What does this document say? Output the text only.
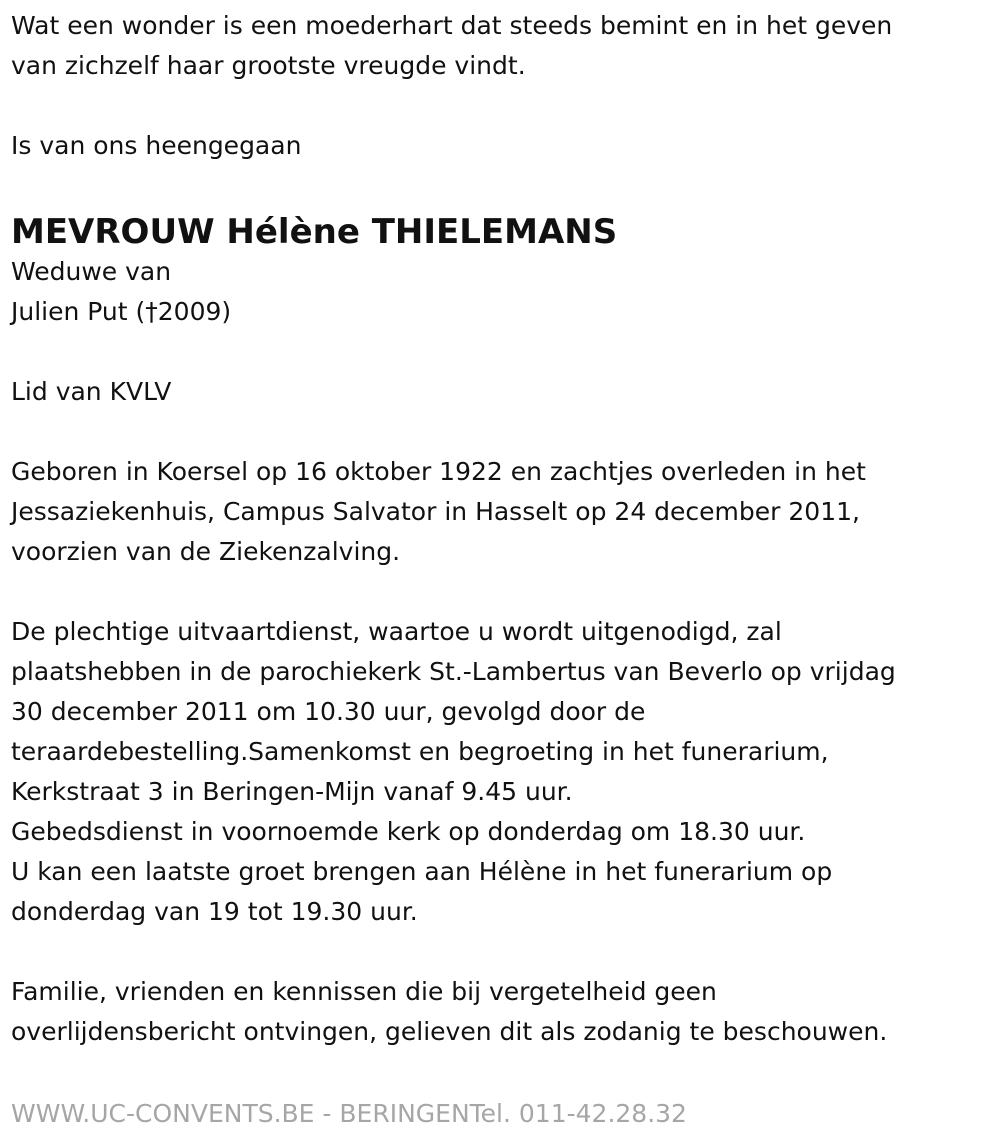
Wat een wonder is een moederhart dat steeds bemint en in het geven

van zichzelf haar grootste vreugde vindt.

Is van ons heengegaan

MEVROUW Hélène THIELEMANS

Weduwe van

Julien Put (†2009)

Lid van KVLV

Geboren in Koersel op 16 oktober 1922 en zachtjes overleden in het

Jessaziekenhuis, Campus Salvator in Hasselt op 24 december 2011,

voorzien van de Ziekenzalving.

De plechtige uitvaartdienst, waartoe u wordt uitgenodigd, zal

plaatshebben in de parochiekerk St.-Lambertus van Beverlo op vrijdag

30 december 2011 om 10.30 uur, gevolgd door de

teraardebestelling.Samenkomst en begroeting in het funerarium,

Kerkstraat 3 in Beringen-Mijn vanaf 9.45 uur.

Gebedsdienst in voornoemde kerk op donderdag om 18.30 uur.

U kan een laatste groet brengen aan Hélène in het funerarium op

donderdag van 19 tot 19.30 uur.

Familie, vrienden en kennissen die bij vergetelheid geen

overlijdensbericht ontvingen, gelieven dit als zodanig te beschouwen.

WWW.UC-CONVENTS.BE - BERINGENTel. 011-42.28.32
